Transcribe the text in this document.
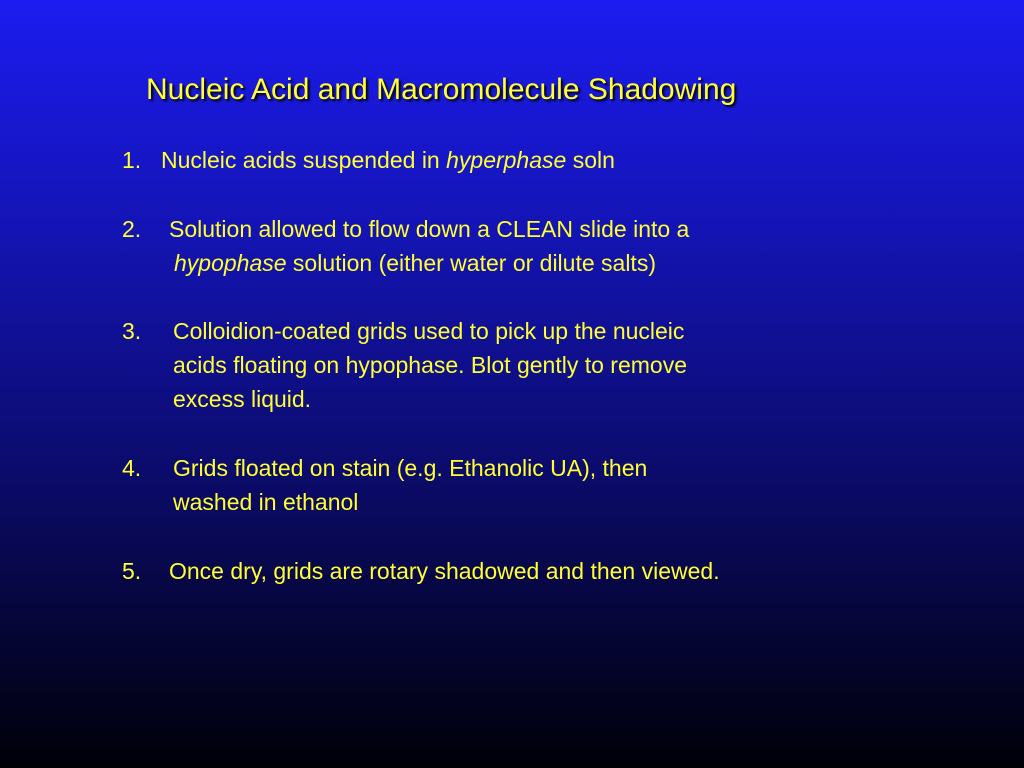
Nucleic Acid and Macromolecule Shadowing
1. Nucleic acids suspended in hyperphase soln
2.	Solution allowed to flow down a CLEAN slide into a
hypophase solution (either water or dilute salts)
3.	Colloidion-coated grids used to pick up the nucleic
acids floating on hypophase. Blot gently to remove
excess liquid.
4.	Grids floated on stain (e.g. Ethanolic UA), then
washed in ethanol
5.	Once dry, grids are rotary shadowed and then viewed.
